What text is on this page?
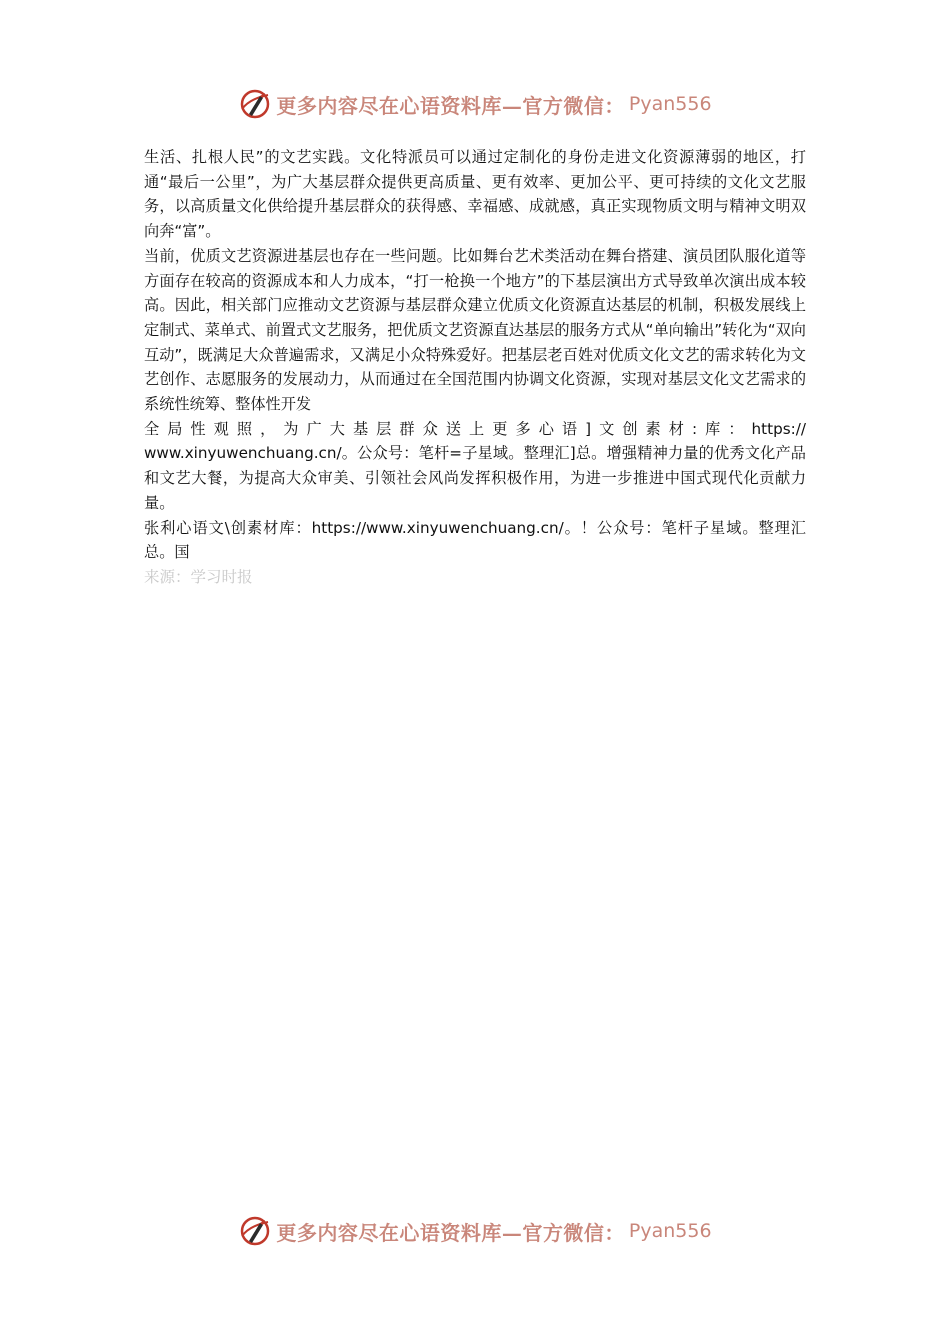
更多内容尽在心语资料库—官方微信： Pyan556

生活、扎根人民”的文艺实践。文化特派员可以通过定制化的身份走进文化资源薄弱的地区，打通“最后一公里”，为广大基层群众提供更高质量、更有效率、更加公平、更可持续的文化文艺服务，以高质量文化供给提升基层群众的获得感、幸福感、成就感，真正实现物质文明与精神文明双向奔“富”。

当前，优质文艺资源进基层也存在一些问题。比如舞台艺术类活动在舞台搭建、演员团队服化道等方面存在较高的资源成本和人力成本，“打一枪换一个地方”的下基层演出方式导致单次演出成本较高。因此，相关部门应推动文艺资源与基层群众建立优质文化资源直达基层的机制，积极发展线上定制式、菜单式、前置式文艺服务，把优质文艺资源直达基层的服务方式从“单向输出”转化为“双向互动”，既满足大众普遍需求，又满足小众特殊爱好。把基层老百姓对优质文化文艺的需求转化为文艺创作、志愿服务的发展动力，从而通过在全国范围内协调文化资源，实现对基层文化文艺需求的系统性统筹、整体性开发
全局性观照，为广大基层群众送上更多心语]文创素材:库：https://
www.xinyuwenchuang.cn/。公众号：笔杆=子星域。整理汇]总。增强精神力量的优秀文化产品和文艺大餐，为提高大众审美、引领社会风尚发挥积极作用，为进一步推进中国式现代化贡献力量。

张利心语文\创素材库：https://www.xinyuwenchuang.cn/。！公众号：笔杆子星域。整理汇总。国

来源：学习时报

更多内容尽在心语资料库—官方微信： Pyan556
